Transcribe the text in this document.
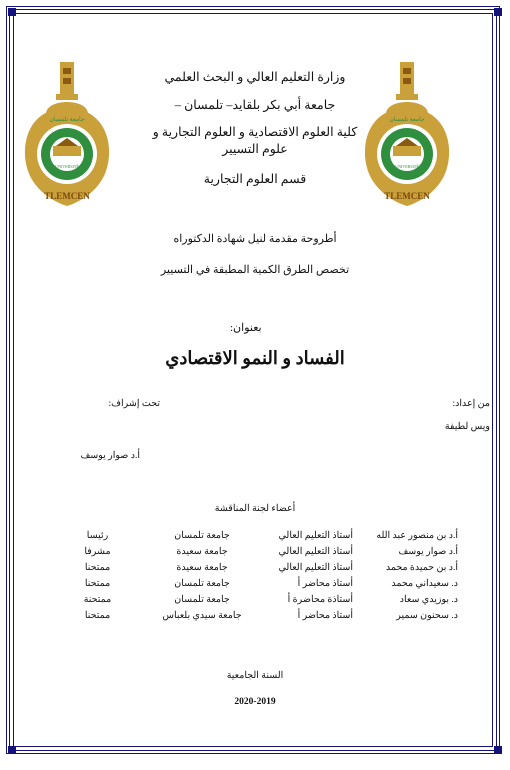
UNIVERSITÉ
TLEMCEN
جامعة تلمسان
UNIVERSITÉ
TLEMCEN
جامعة تلمسان
وزارة التعليم العالي و البحث العلمي
جامعة أبي بكر بلقايد– تلمسان –
كلية العلوم الاقتصادية و العلوم التجارية و
علوم التسيير
قسم العلوم التجارية
أطروحة مقدمة لنيل شهادة الدكتوراه
تخصص الطرق الكمية المطبقة في التسيير
بعنوان:
الفساد و النمو الاقتصادي
من إعداد:
ويس لطيفة
تحت إشراف:
أ.د صوار يوسف
أعضاء لجنة المناقشة
أ.د بن منصور عبد الله	أستاذ التعليم العالي	جامعة تلمسان	رئيسا
أ.د صوار يوسف	أستاذ التعليم العالي	جامعة سعيدة	مشرفا
أ.د بن حميدة محمد	أستاذ التعليم العالي	جامعة سعيدة	ممتحنا
د. سعيداني محمد	أستاذ محاضر أ	جامعة تلمسان	ممتحنا
د. بوزيدي سعاد	أستاذة محاضرة أ	جامعة تلمسان	ممتحنة
د. سحنون سمير	أستاذ محاضر أ	جامعة سيدي بلعباس	ممتحنا
السنة الجامعية
2020-2019
